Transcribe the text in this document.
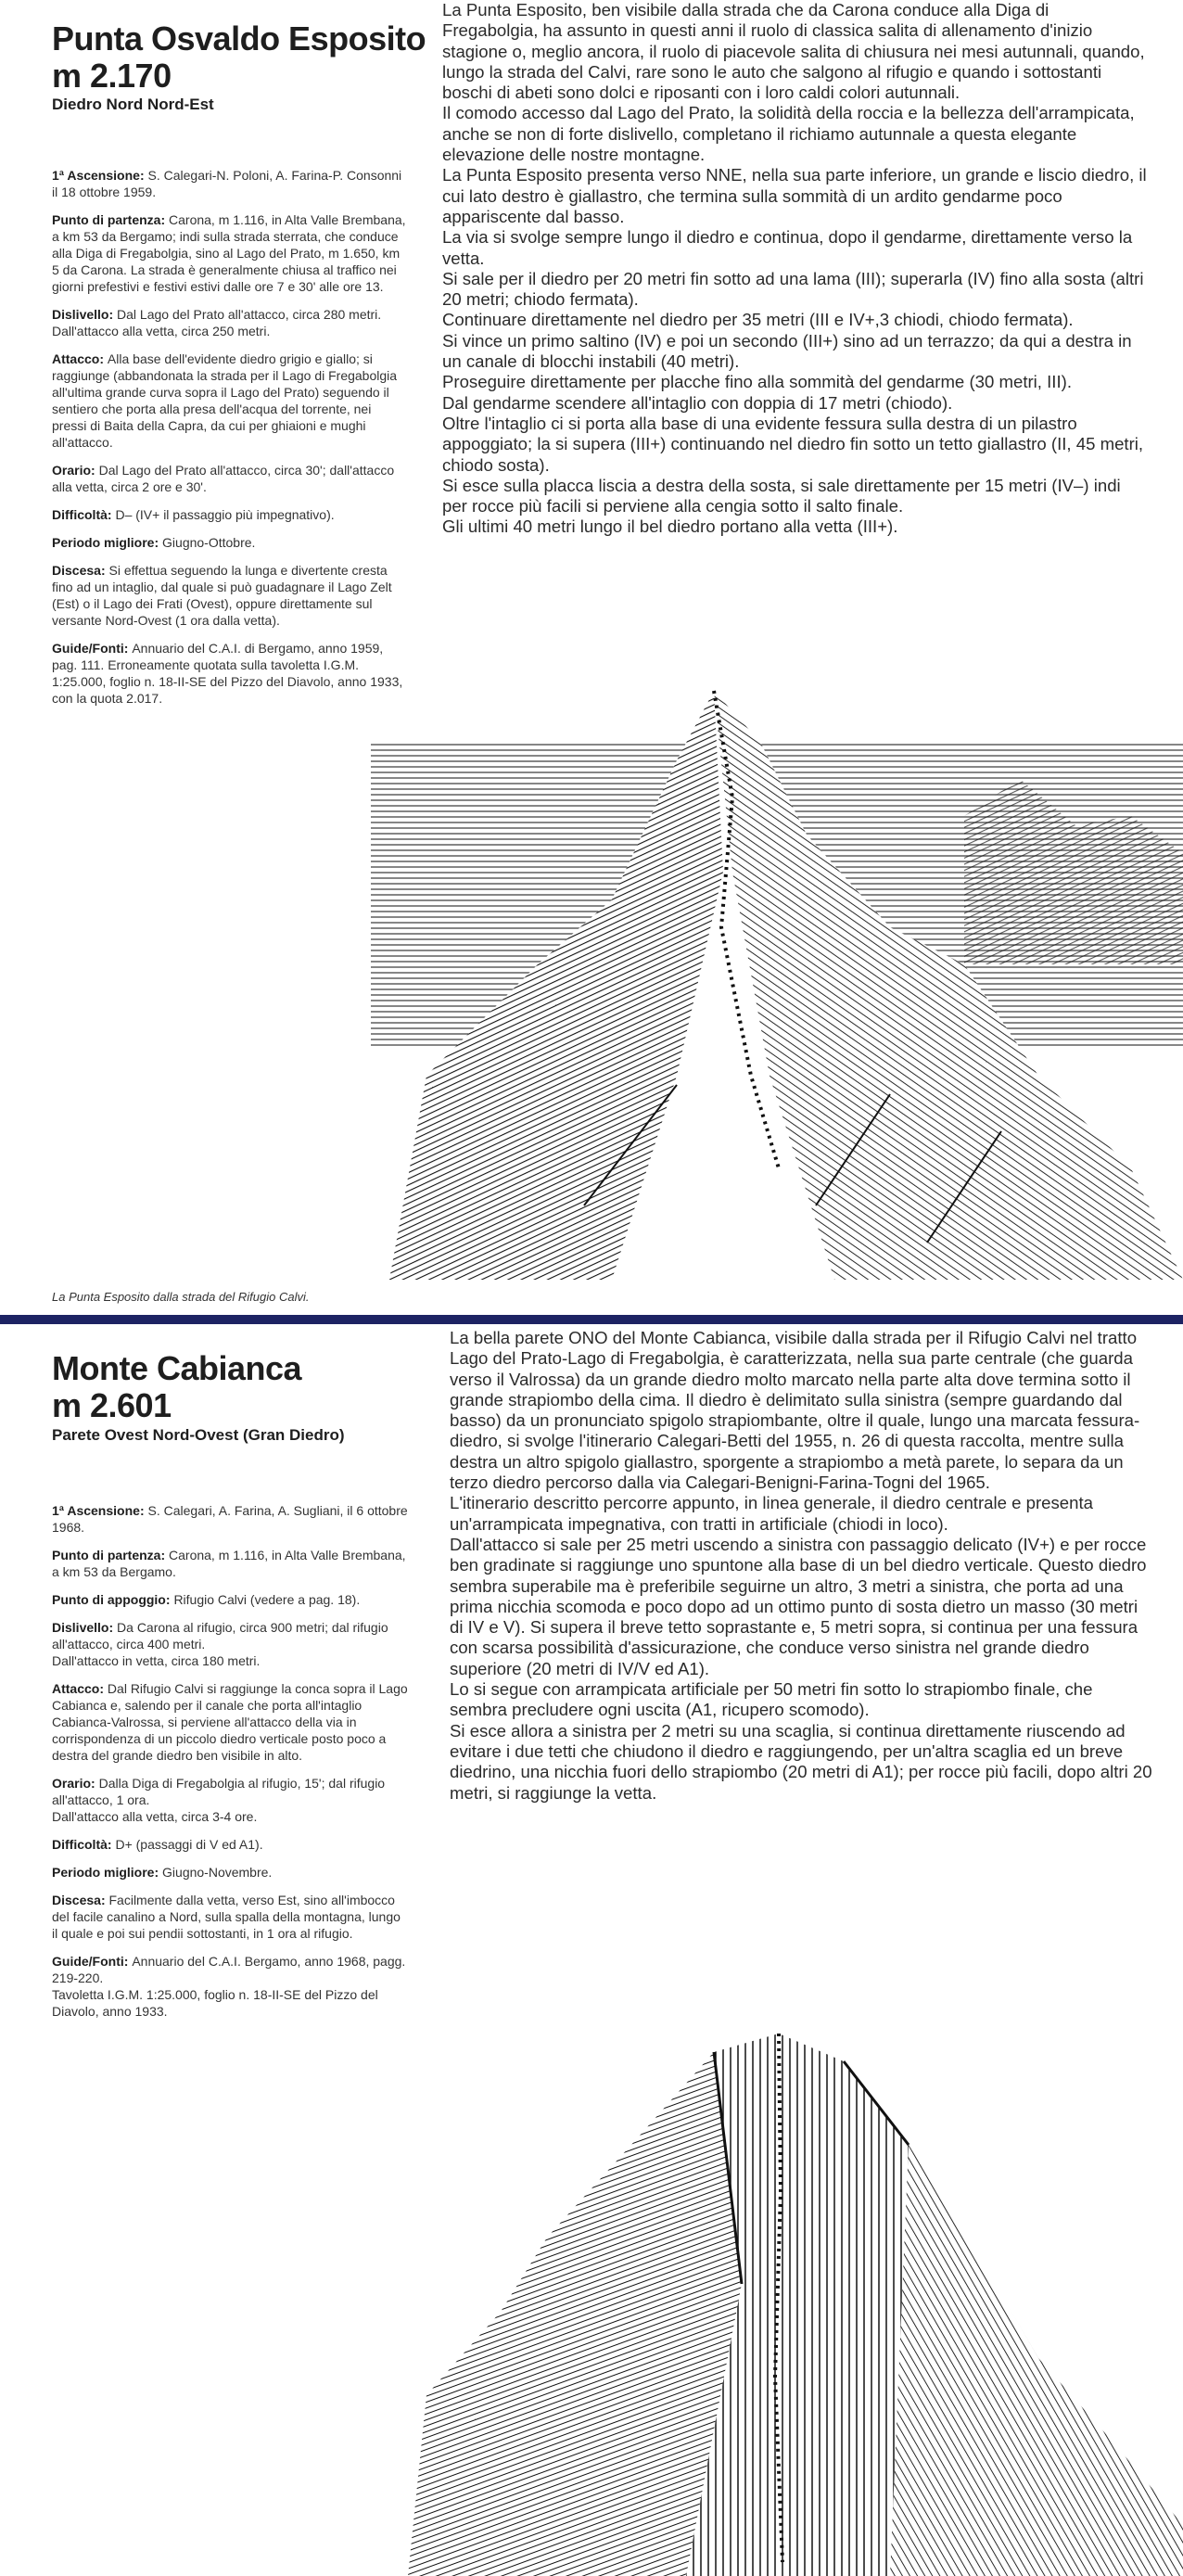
Punta Osvaldo Esposito
m 2.170
Diedro Nord Nord-Est

1ª Ascensione: S. Calegari-N. Poloni, A. Farina-P. Consonni il 18 ottobre 1959.

Punto di partenza: Carona, m 1.116, in Alta Valle Brembana, a km 53 da Bergamo; indi sulla strada sterrata, che conduce alla Diga di Fregabolgia, sino al Lago del Prato, m 1.650, km 5 da Carona. La strada è generalmente chiusa al traffico nei giorni prefestivi e festivi estivi dalle ore 7 e 30' alle ore 13.

Dislivello: Dal Lago del Prato all'attacco, circa 280 metri.
Dall'attacco alla vetta, circa 250 metri.

Attacco: Alla base dell'evidente diedro grigio e giallo; si raggiunge (abbandonata la strada per il Lago di Fregabolgia all'ultima grande curva sopra il Lago del Prato) seguendo il sentiero che porta alla presa dell'acqua del torrente, nei pressi di Baita della Capra, da cui per ghiaioni e mughi all'attacco.

Orario: Dal Lago del Prato all'attacco, circa 30'; dall'attacco alla vetta, circa 2 ore e 30'.

Difficoltà: D– (IV+ il passaggio più impegnativo).

Periodo migliore: Giugno-Ottobre.

Discesa: Si effettua seguendo la lunga e divertente cresta fino ad un intaglio, dal quale si può guadagnare il Lago Zelt (Est) o il Lago dei Frati (Ovest), oppure direttamente sul versante Nord-Ovest (1 ora dalla vetta).

Guide/Fonti: Annuario del C.A.I. di Bergamo, anno 1959, pag. 111. Erroneamente quotata sulla tavoletta I.G.M. 1:25.000, foglio n. 18-II-SE del Pizzo del Diavolo, anno 1933, con la quota 2.017.

La Punta Esposito, ben visibile dalla strada che da Carona conduce alla Diga di Fregabolgia, ha assunto in questi anni il ruolo di classica salita di allenamento d'inizio stagione o, meglio ancora, il ruolo di piacevole salita di chiusura nei mesi autunnali, quando, lungo la strada del Calvi, rare sono le auto che salgono al rifugio e quando i sottostanti boschi di abeti sono dolci e riposanti con i loro caldi colori autunnali.

Il comodo accesso dal Lago del Prato, la solidità della roccia e la bellezza dell'arrampicata, anche se non di forte dislivello, completano il richiamo autunnale a questa elegante elevazione delle nostre montagne.

La Punta Esposito presenta verso NNE, nella sua parte inferiore, un grande e liscio diedro, il cui lato destro è giallastro, che termina sulla sommità di un ardito gendarme poco appariscente dal basso.

La via si svolge sempre lungo il diedro e continua, dopo il gendarme, direttamente verso la vetta.

Si sale per il diedro per 20 metri fin sotto ad una lama (III); superarla (IV) fino alla sosta (altri 20 metri; chiodo fermata).

Continuare direttamente nel diedro per 35 metri (III e IV+,3 chiodi, chiodo fermata).

Si vince un primo saltino (IV) e poi un secondo (III+) sino ad un terrazzo; da qui a destra in un canale di blocchi instabili (40 metri).

Proseguire direttamente per placche fino alla sommità del gendarme (30 metri, III).

Dal gendarme scendere all'intaglio con doppia di 17 metri (chiodo).

Oltre l'intaglio ci si porta alla base di una evidente fessura sulla destra di un pilastro appoggiato; la si supera (III+) continuando nel diedro fin sotto un tetto giallastro (II, 45 metri, chiodo sosta).

Si esce sulla placca liscia a destra della sosta, si sale direttamente per 15 metri (IV–) indi per rocce più facili si perviene alla cengia sotto il salto finale.

Gli ultimi 40 metri lungo il bel diedro portano alla vetta (III+).

La Punta Esposito dalla strada del Rifugio Calvi.
Monte Cabianca
m 2.601
Parete Ovest Nord-Ovest (Gran Diedro)

1ª Ascensione: S. Calegari, A. Farina, A. Sugliani, il 6 ottobre 1968.

Punto di partenza: Carona, m 1.116, in Alta Valle Brembana, a km 53 da Bergamo.

Punto di appoggio: Rifugio Calvi (vedere a pag. 18).

Dislivello: Da Carona al rifugio, circa 900 metri; dal rifugio all'attacco, circa 400 metri.
Dall'attacco in vetta, circa 180 metri.

Attacco: Dal Rifugio Calvi si raggiunge la conca sopra il Lago Cabianca e, salendo per il canale che porta all'intaglio Cabianca-Valrossa, si perviene all'attacco della via in corrispondenza di un piccolo diedro verticale posto poco a destra del grande diedro ben visibile in alto.

Orario: Dalla Diga di Fregabolgia al rifugio, 15'; dal rifugio all'attacco, 1 ora.
Dall'attacco alla vetta, circa 3-4 ore.

Difficoltà: D+ (passaggi di V ed A1).

Periodo migliore: Giugno-Novembre.

Discesa: Facilmente dalla vetta, verso Est, sino all'imbocco del facile canalino a Nord, sulla spalla della montagna, lungo il quale e poi sui pendii sottostanti, in 1 ora al rifugio.

Guide/Fonti: Annuario del C.A.I. Bergamo, anno 1968, pagg. 219-220.
Tavoletta I.G.M. 1:25.000, foglio n. 18-II-SE del Pizzo del Diavolo, anno 1933.

La bella parete ONO del Monte Cabianca, visibile dalla strada per il Rifugio Calvi nel tratto Lago del Prato-Lago di Fregabolgia, è caratterizzata, nella sua parte centrale (che guarda verso il Valrossa) da un grande diedro molto marcato nella parte alta dove termina sotto il grande strapiombo della cima. Il diedro è delimitato sulla sinistra (sempre guardando dal basso) da un pronunciato spigolo strapiombante, oltre il quale, lungo una marcata fessura-diedro, si svolge l'itinerario Calegari-Betti del 1955, n. 26 di questa raccolta, mentre sulla destra un altro spigolo giallastro, sporgente a strapiombo a metà parete, lo separa da un terzo diedro percorso dalla via Calegari-Benigni-Farina-Togni del 1965.

L'itinerario descritto percorre appunto, in linea generale, il diedro centrale e presenta un'arrampicata impegnativa, con tratti in artificiale (chiodi in loco).

Dall'attacco si sale per 25 metri uscendo a sinistra con passaggio delicato (IV+) e per rocce ben gradinate si raggiunge uno spuntone alla base di un bel diedro verticale. Questo diedro sembra superabile ma è preferibile seguirne un altro, 3 metri a sinistra, che porta ad una prima nicchia scomoda e poco dopo ad un ottimo punto di sosta dietro un masso (30 metri di IV e V). Si supera il breve tetto soprastante e, 5 metri sopra, si continua per una fessura con scarsa possibilità d'assicurazione, che conduce verso sinistra nel grande diedro superiore (20 metri di IV/V ed A1).

Lo si segue con arrampicata artificiale per 50 metri fin sotto lo strapiombo finale, che sembra precludere ogni uscita (A1, ricupero scomodo).

Si esce allora a sinistra per 2 metri su una scaglia, si continua direttamente riuscendo ad evitare i due tetti che chiudono il diedro e raggiungendo, per un'altra scaglia ed un breve diedrino, una nicchia fuori dello strapiombo (20 metri di A1); per rocce più facili, dopo altri 20 metri, si raggiunge la vetta.
